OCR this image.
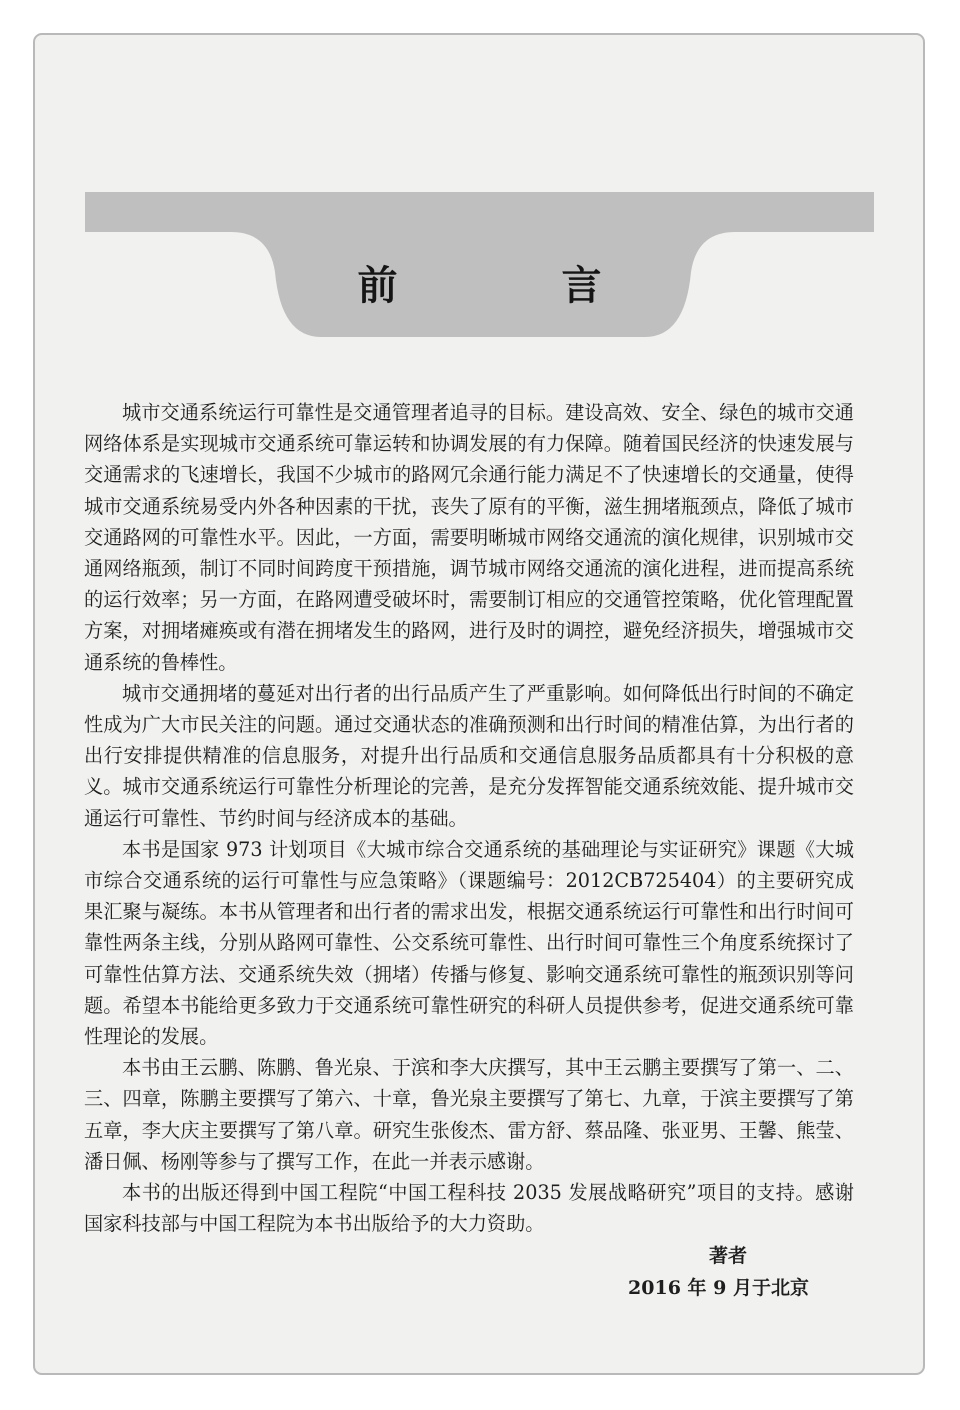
前　言

城市交通系统运行可靠性是交通管理者追寻的目标。建设高效、安全、绿色的城市交通网络体系是实现城市交通系统可靠运转和协调发展的有力保障。随着国民经济的快速发展与交通需求的飞速增长，我国不少城市的路网冗余通行能力满足不了快速增长的交通量，使得城市交通系统易受内外各种因素的干扰，丧失了原有的平衡，滋生拥堵瓶颈点，降低了城市交通路网的可靠性水平。因此，一方面，需要明晰城市网络交通流的演化规律，识别城市交通网络瓶颈，制订不同时间跨度干预措施，调节城市网络交通流的演化进程，进而提高系统的运行效率；另一方面，在路网遭受破坏时，需要制订相应的交通管控策略，优化管理配置方案，对拥堵瘫痪或有潜在拥堵发生的路网，进行及时的调控，避免经济损失，增强城市交通系统的鲁棒性。

城市交通拥堵的蔓延对出行者的出行品质产生了严重影响。如何降低出行时间的不确定性成为广大市民关注的问题。通过交通状态的准确预测和出行时间的精准估算，为出行者的出行安排提供精准的信息服务，对提升出行品质和交通信息服务品质都具有十分积极的意义。城市交通系统运行可靠性分析理论的完善，是充分发挥智能交通系统效能、提升城市交通运行可靠性、节约时间与经济成本的基础。

本书是国家 973 计划项目《大城市综合交通系统的基础理论与实证研究》课题《大城市综合交通系统的运行可靠性与应急策略》（课题编号：2012CB725404）的主要研究成果汇聚与凝练。本书从管理者和出行者的需求出发，根据交通系统运行可靠性和出行时间可靠性两条主线，分别从路网可靠性、公交系统可靠性、出行时间可靠性三个角度系统探讨了可靠性估算方法、交通系统失效（拥堵）传播与修复、影响交通系统可靠性的瓶颈识别等问题。希望本书能给更多致力于交通系统可靠性研究的科研人员提供参考，促进交通系统可靠性理论的发展。

本书由王云鹏、陈鹏、鲁光泉、于滨和李大庆撰写，其中王云鹏主要撰写了第一、二、三、四章，陈鹏主要撰写了第六、十章，鲁光泉主要撰写了第七、九章，于滨主要撰写了第五章，李大庆主要撰写了第八章。研究生张俊杰、雷方舒、蔡品隆、张亚男、王馨、熊莹、潘日佩、杨刚等参与了撰写工作，在此一并表示感谢。

本书的出版还得到中国工程院“中国工程科技 2035 发展战略研究”项目的支持。感谢国家科技部与中国工程院为本书出版给予的大力资助。

著者
2016 年 9 月于北京
